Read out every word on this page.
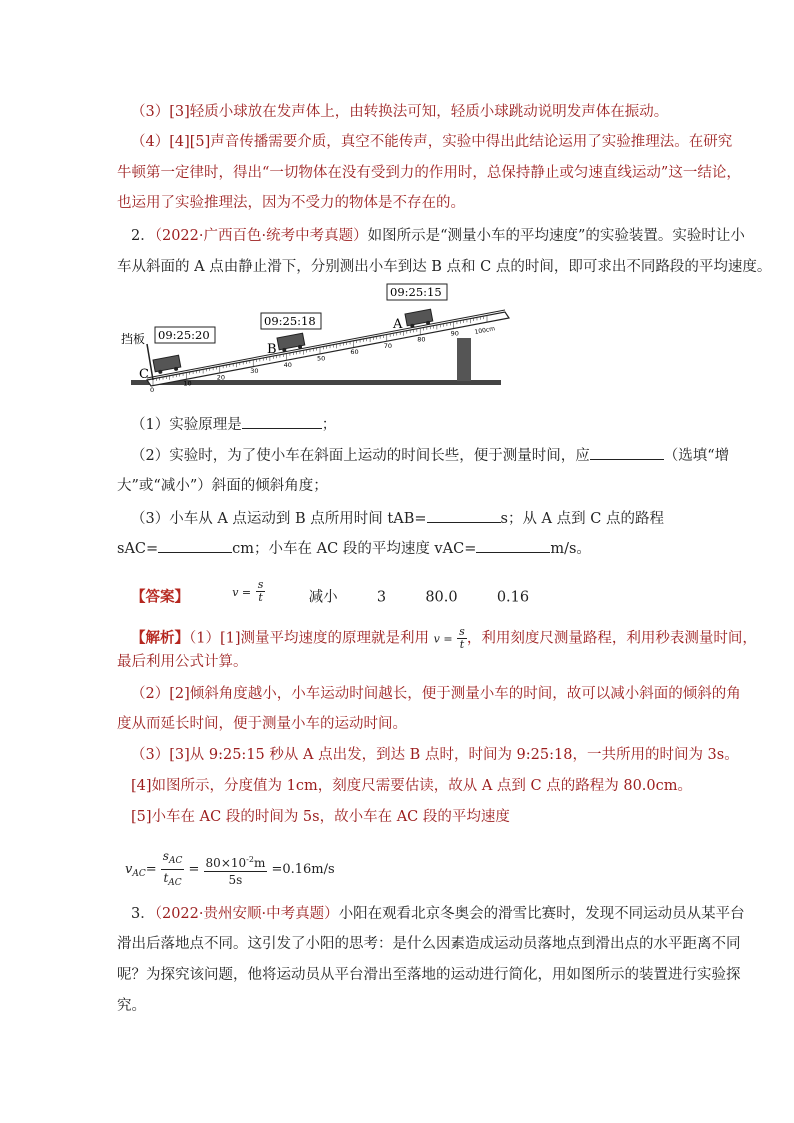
（3）[3]轻质小球放在发声体上，由转换法可知，轻质小球跳动说明发声体在振动。
（4）[4][5]声音传播需要介质，真空不能传声，实验中得出此结论运用了实验推理法。在研究
牛顿第一定律时，得出“一切物体在没有受到力的作用时，总保持静止或匀速直线运动”这一结论，
也运用了实验推理法，因为不受力的物体是不存在的。
2．（2022·广西百色·统考中考真题）如图所示是“测量小车的平均速度”的实验装置。实验时让小
车从斜面的 A 点由静止滑下，分别测出小车到达 B 点和 C 点的时间，即可求出不同路段的平均速度。
0
10
20
30
40
50
60
70
80
90
挡板 09:25:20
09:25:18
09:25:15
C
B
A	100cm
（1）实验原理是	；
（2）实验时，为了使小车在斜面上运动的时间长些，便于测量时间，应	（选填“增
大”或“减小”）斜面的倾斜角度；
（3）小车从 A 点运动到 B 点所用时间 tAB=	s；从 A 点到 C 点的路程
sAC=	cm；小车在 AC 段的平均速度 vAC=	m/s。
【答案】	$^{v =} \frac{s}{t}$	减小	3	80.0	0.16
【解析】（1）[1]测量平均速度的原理就是利用 $v = \frac{s}{t}$ ，利用刻度尺测量路程，利用秒表测量时间，
最后利用公式计算。
（2）[2]倾斜角度越小，小车运动时间越长，便于测量小车的时间，故可以减小斜面的倾斜的角
度从而延长时间，便于测量小车的运动时间。
（3）[3]从 9:25:15 秒从 A 点出发，到达 B 点时，时间为 9:25:18，一共所用的时间为 3s。
[4]如图所示，分度值为 1cm，刻度尺需要估读，故从 A 点到 C 点的路程为 80.0cm。
[5]小车在 AC 段的时间为 5s，故小车在 AC 段的平均速度
$v_{AC}= \frac{s_{AC}}{t_{AC}} = \frac{80\times 10^{-2}m}{5s} =0.16m/s$
3．（2022·贵州安顺·中考真题）小阳在观看北京冬奥会的滑雪比赛时，发现不同运动员从某平台
滑出后落地点不同。这引发了小阳的思考：是什么因素造成运动员落地点到滑出点的水平距离不同
呢？为探究该问题，他将运动员从平台滑出至落地的运动进行简化，用如图所示的装置进行实验探
究。
